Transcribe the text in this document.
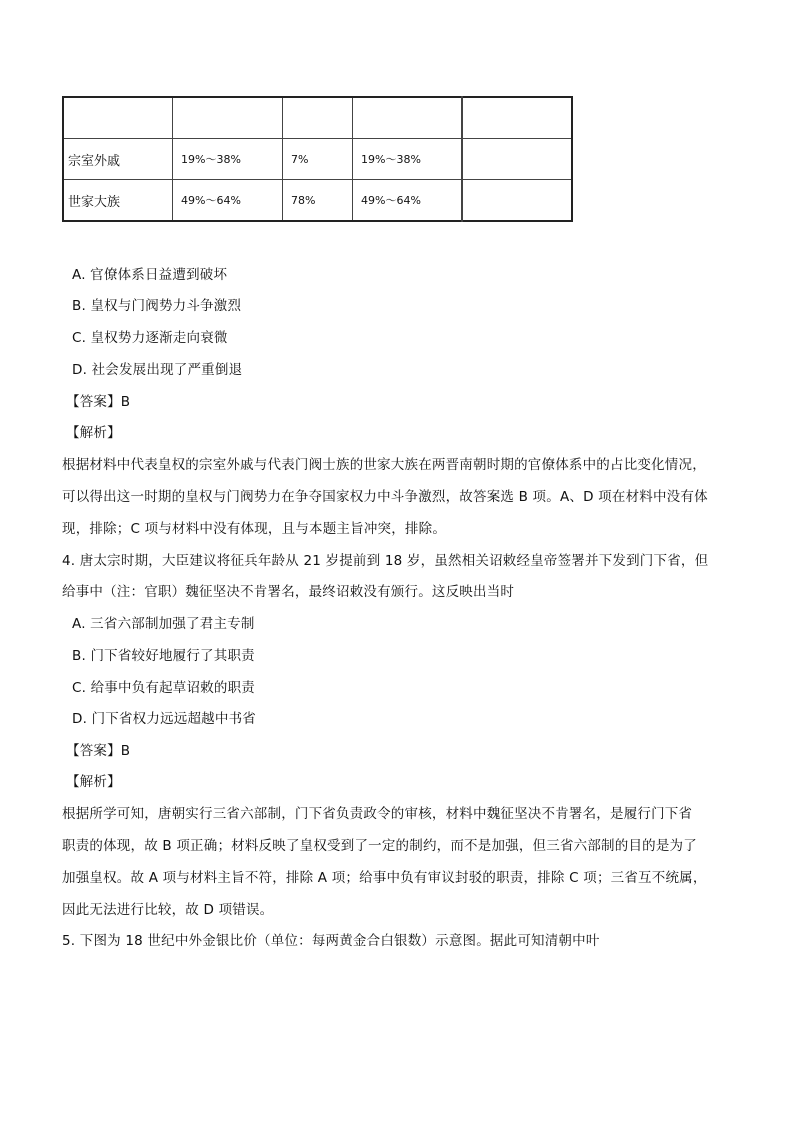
宗室外戚	19%～38%	7%	19%～38%	
世家大族	49%～64%	78%	49%～64%	
A. 官僚体系日益遭到破坏
B. 皇权与门阀势力斗争激烈
C. 皇权势力逐渐走向衰微
D. 社会发展出现了严重倒退
【答案】B
【解析】
根据材料中代表皇权的宗室外戚与代表门阀士族的世家大族在两晋南朝时期的官僚体系中的占比变化情况，
可以得出这一时期的皇权与门阀势力在争夺国家权力中斗争激烈，故答案选 B 项。A、D 项在材料中没有体
现，排除；C 项与材料中没有体现，且与本题主旨冲突，排除。
4. 唐太宗时期，大臣建议将征兵年龄从 21 岁提前到 18 岁，虽然相关诏敕经皇帝签署并下发到门下省，但
给事中（注：官职）魏征坚决不肯署名，最终诏敕没有颁行。这反映出当时
A. 三省六部制加强了君主专制
B. 门下省较好地履行了其职责
C. 给事中负有起草诏敕的职责
D. 门下省权力远远超越中书省
【答案】B
【解析】
根据所学可知，唐朝实行三省六部制，门下省负责政令的审核，材料中魏征坚决不肯署名，是履行门下省
职责的体现，故 B 项正确；材料反映了皇权受到了一定的制约，而不是加强，但三省六部制的目的是为了
加强皇权。故 A 项与材料主旨不符，排除 A 项；给事中负有审议封驳的职责，排除 C 项；三省互不统属，
因此无法进行比较，故 D 项错误。
5. 下图为 18 世纪中外金银比价（单位：每两黄金合白银数）示意图。据此可知清朝中叶
